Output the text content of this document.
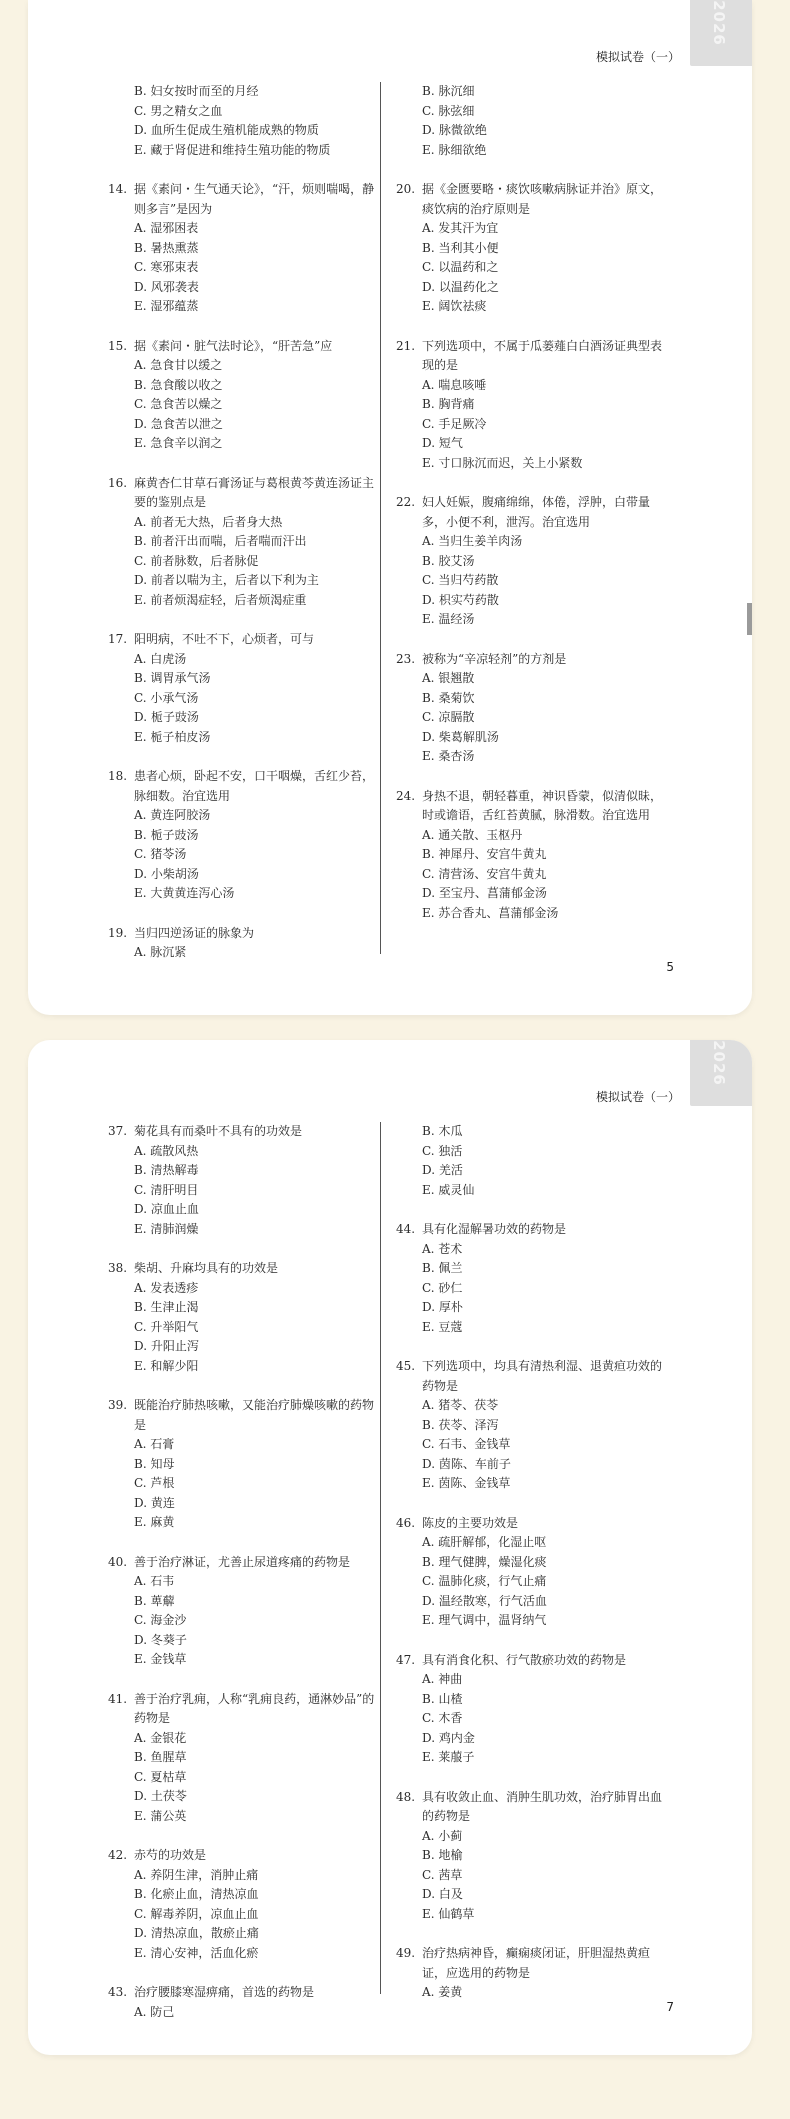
2026
模拟试卷（一）
B. 妇女按时而至的月经
C. 男之精女之血
D. 血所生促成生殖机能成熟的物质
E. 藏于肾促进和维持生殖功能的物质
14. 据《素问・生气通天论》，“汗，烦则喘喝，静则多言”是因为
A. 湿邪困表
B. 暑热熏蒸
C. 寒邪束表
D. 风邪袭表
E. 湿邪蕴蒸
15. 据《素问・脏气法时论》，“肝苦急”应
A. 急食甘以缓之
B. 急食酸以收之
C. 急食苦以燥之
D. 急食苦以泄之
E. 急食辛以润之
16. 麻黄杏仁甘草石膏汤证与葛根黄芩黄连汤证主要的鉴别点是
A. 前者无大热，后者身大热
B. 前者汗出而喘，后者喘而汗出
C. 前者脉数，后者脉促
D. 前者以喘为主，后者以下利为主
E. 前者烦渴症轻，后者烦渴症重
17. 阳明病，不吐不下，心烦者，可与
A. 白虎汤
B. 调胃承气汤
C. 小承气汤
D. 栀子豉汤
E. 栀子柏皮汤
18. 患者心烦，卧起不安，口干咽燥，舌红少苔，脉细数。治宜选用
A. 黄连阿胶汤
B. 栀子豉汤
C. 猪苓汤
D. 小柴胡汤
E. 大黄黄连泻心汤
19. 当归四逆汤证的脉象为
A. 脉沉紧
B. 脉沉细
C. 脉弦细
D. 脉微欲绝
E. 脉细欲绝
20. 据《金匮要略・痰饮咳嗽病脉证并治》原文，痰饮病的治疗原则是
A. 发其汗为宜
B. 当利其小便
C. 以温药和之
D. 以温药化之
E. 阔饮祛痰
21. 下列选项中，不属于瓜蒌薤白白酒汤证典型表现的是
A. 喘息咳唾
B. 胸背痛
C. 手足厥冷
D. 短气
E. 寸口脉沉而迟，关上小紧数
22. 妇人妊娠，腹痛绵绵，体倦，浮肿，白带量多，小便不利，泄泻。治宜选用
A. 当归生姜羊肉汤
B. 胶艾汤
C. 当归芍药散
D. 枳实芍药散
E. 温经汤
23. 被称为“辛凉轻剂”的方剂是
A. 银翘散
B. 桑菊饮
C. 凉膈散
D. 柴葛解肌汤
E. 桑杏汤
24. 身热不退，朝轻暮重，神识昏蒙，似清似昧，时或谵语，舌红苔黄腻，脉滑数。治宜选用
A. 通关散、玉枢丹
B. 神犀丹、安宫牛黄丸
C. 清营汤、安宫牛黄丸
D. 至宝丹、菖蒲郁金汤
E. 苏合香丸、菖蒲郁金汤
5
2026
模拟试卷（一）
37. 菊花具有而桑叶不具有的功效是
A. 疏散风热
B. 清热解毒
C. 清肝明目
D. 凉血止血
E. 清肺润燥
38. 柴胡、升麻均具有的功效是
A. 发表透疹
B. 生津止渴
C. 升举阳气
D. 升阳止泻
E. 和解少阳
39. 既能治疗肺热咳嗽，又能治疗肺燥咳嗽的药物是
A. 石膏
B. 知母
C. 芦根
D. 黄连
E. 麻黄
40. 善于治疗淋证，尤善止尿道疼痛的药物是
A. 石韦
B. 萆薢
C. 海金沙
D. 冬葵子
E. 金钱草
41. 善于治疗乳痈，人称“乳痈良药，通淋妙品”的药物是
A. 金银花
B. 鱼腥草
C. 夏枯草
D. 土茯苓
E. 蒲公英
42. 赤芍的功效是
A. 养阴生津，消肿止痛
B. 化瘀止血，清热凉血
C. 解毒养阴，凉血止血
D. 清热凉血，散瘀止痛
E. 清心安神，活血化瘀
43. 治疗腰膝寒湿痹痛，首选的药物是
A. 防己
B. 木瓜
C. 独活
D. 羌活
E. 威灵仙
44. 具有化湿解暑功效的药物是
A. 苍术
B. 佩兰
C. 砂仁
D. 厚朴
E. 豆蔻
45. 下列选项中，均具有清热利湿、退黄疸功效的药物是
A. 猪苓、茯苓
B. 茯苓、泽泻
C. 石韦、金钱草
D. 茵陈、车前子
E. 茵陈、金钱草
46. 陈皮的主要功效是
A. 疏肝解郁，化湿止呕
B. 理气健脾，燥湿化痰
C. 温肺化痰，行气止痛
D. 温经散寒，行气活血
E. 理气调中，温肾纳气
47. 具有消食化积、行气散瘀功效的药物是
A. 神曲
B. 山楂
C. 木香
D. 鸡内金
E. 莱菔子
48. 具有收敛止血、消肿生肌功效，治疗肺胃出血的药物是
A. 小蓟
B. 地榆
C. 茜草
D. 白及
E. 仙鹤草
49. 治疗热病神昏，癫痫痰闭证，肝胆湿热黄疸证，应选用的药物是
A. 姜黄
7
